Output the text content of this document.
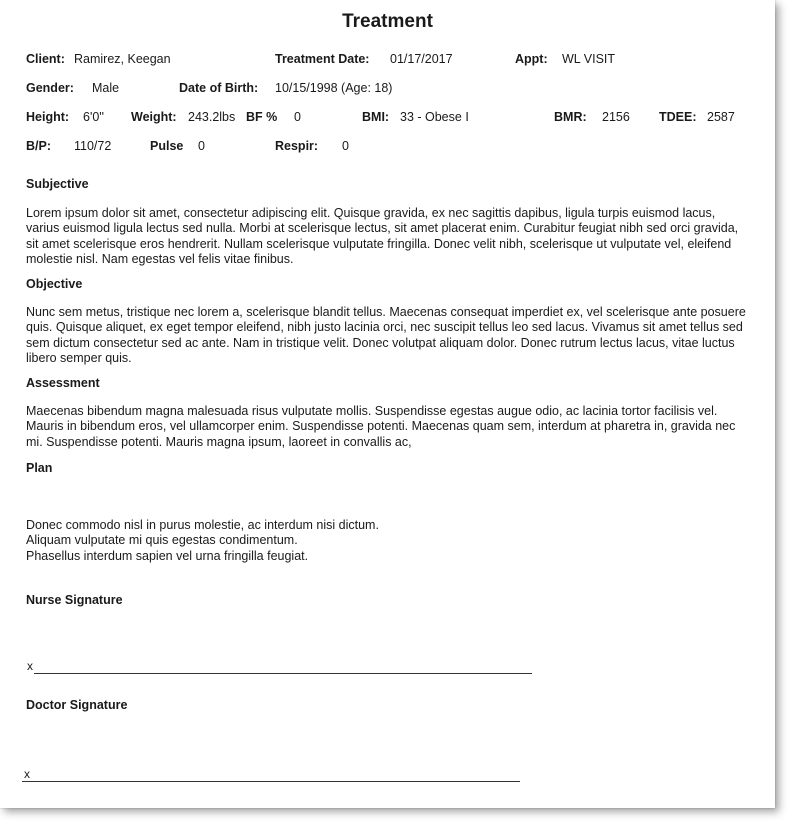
Treatment
Client: Ramirez, Keegan	Treatment Date: 01/17/2017	Appt: WL VISIT
Gender: Male	Date of Birth: 10/15/1998 (Age: 18)
Height: 6'0'' Weight: 243.2lbs BF % 0	BMI: 33 - Obese I	BMR: 2156 TDEE: 2587
B/P: 110/72	Pulse 0	Respir: 0
Subjective

Lorem ipsum dolor sit amet, consectetur adipiscing elit. Quisque gravida, ex nec sagittis dapibus, ligula turpis euismod lacus, varius euismod ligula lectus sed nulla. Morbi at scelerisque lectus, sit amet placerat enim. Curabitur feugiat nibh sed orci gravida, sit amet scelerisque eros hendrerit. Nullam scelerisque vulputate fringilla. Donec velit nibh, scelerisque ut vulputate vel, eleifend molestie nisl. Nam egestas vel felis vitae finibus.

Objective

Nunc sem metus, tristique nec lorem a, scelerisque blandit tellus. Maecenas consequat imperdiet ex, vel scelerisque ante posuere quis. Quisque aliquet, ex eget tempor eleifend, nibh justo lacinia orci, nec suscipit tellus leo sed lacus. Vivamus sit amet tellus sed sem dictum consectetur sed ac ante. Nam in tristique velit. Donec volutpat aliquam dolor. Donec rutrum lectus lacus, vitae luctus libero semper quis.

Assessment

Maecenas bibendum magna malesuada risus vulputate mollis. Suspendisse egestas augue odio, ac lacinia tortor facilisis vel. Mauris in bibendum eros, vel ullamcorper enim. Suspendisse potenti. Maecenas quam sem, interdum at pharetra in, gravida nec mi. Suspendisse potenti. Mauris magna ipsum, laoreet in convallis ac,

Plan
Donec commodo nisl in purus molestie, ac interdum nisi dictum.
Aliquam vulputate mi quis egestas condimentum.
Phasellus interdum sapien vel urna fringilla feugiat.
Nurse Signature
x
Doctor Signature
x
